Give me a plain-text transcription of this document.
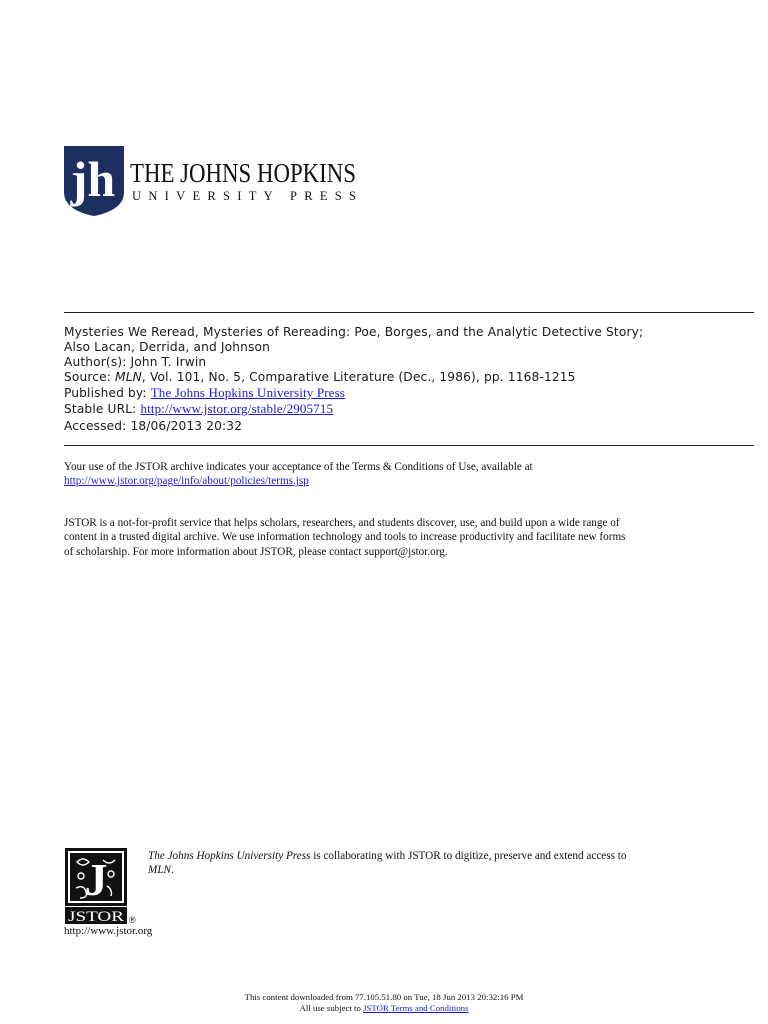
jh THE JOHNS HOPKINS
UNIVERSITY PRESS
Mysteries We Reread, Mysteries of Rereading: Poe, Borges, and the Analytic Detective Story;
Also Lacan, Derrida, and Johnson
Author(s): John T. Irwin
Source: MLN, Vol. 101, No. 5, Comparative Literature (Dec., 1986), pp. 1168-1215
Published by: The Johns Hopkins University Press
Stable URL: http://www.jstor.org/stable/2905715
Accessed: 18/06/2013 20:32
Your use of the JSTOR archive indicates your acceptance of the Terms & Conditions of Use, available at
http://www.jstor.org/page/info/about/policies/terms.jsp
JSTOR is a not-for-profit service that helps scholars, researchers, and students discover, use, and build upon a wide range of
content in a trusted digital archive. We use information technology and tools to increase productivity and facilitate new forms
of scholarship. For more information about JSTOR, please contact support@jstor.org.
J
JSTOR ®
The Johns Hopkins University Press is collaborating with JSTOR to digitize, preserve and extend access to
MLN.
http://www.jstor.org
This content downloaded from 77.105.51.80 on Tue, 18 Jun 2013 20:32:16 PM
All use subject to JSTOR Terms and Conditions
